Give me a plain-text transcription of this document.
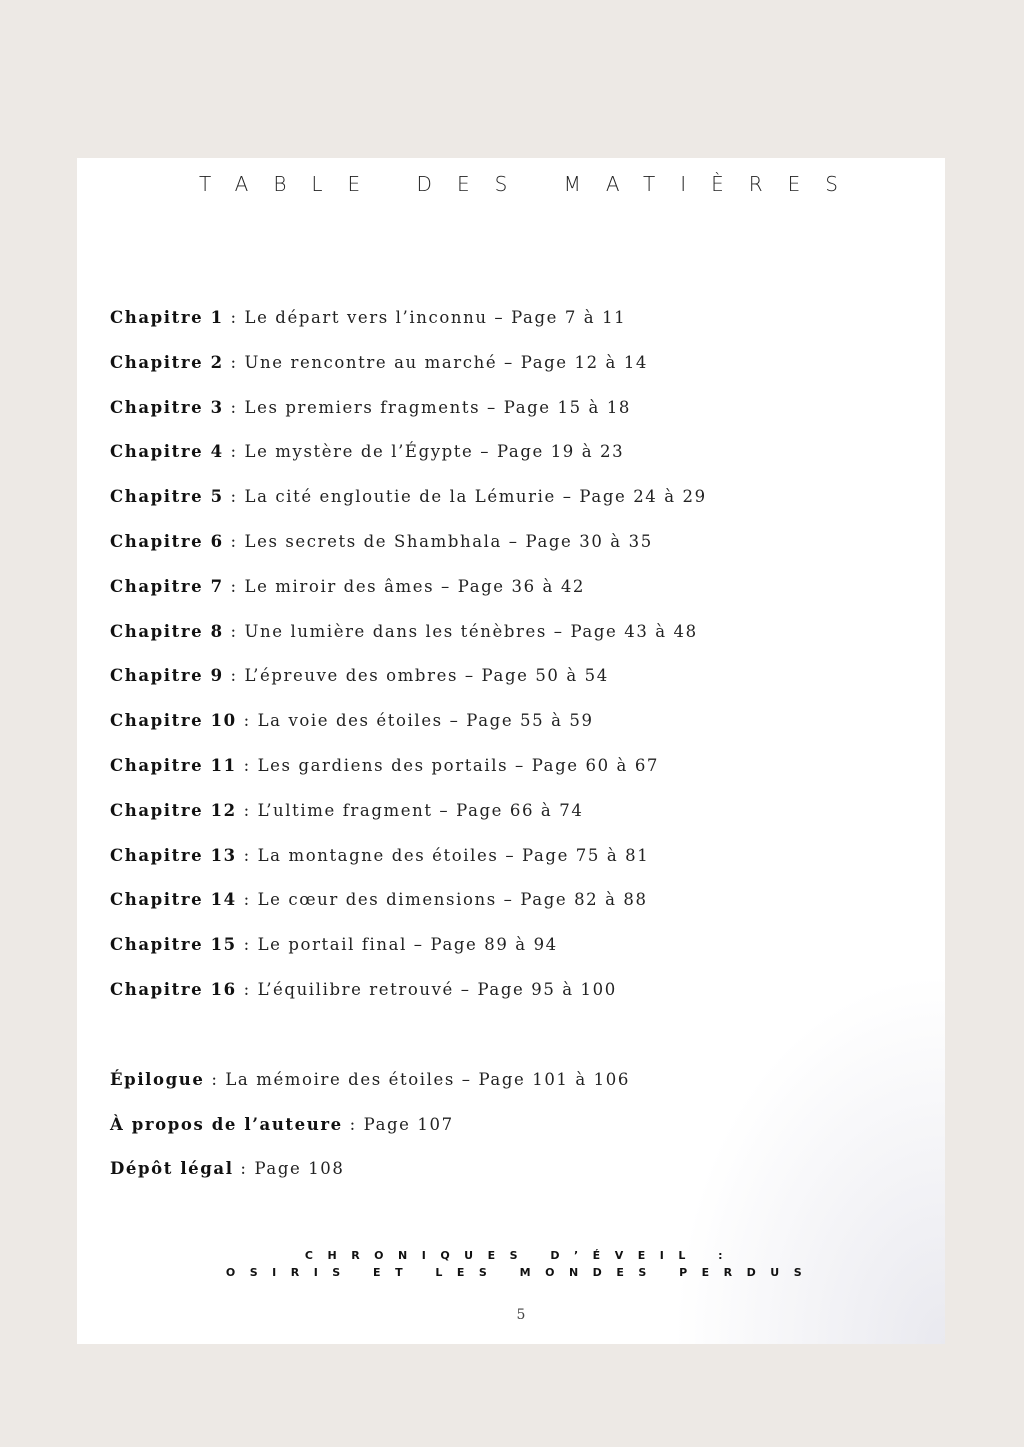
TABLE DES MATIÈRES
Chapitre 1 : Le départ vers l’inconnu – Page 7 à 11
Chapitre 2 : Une rencontre au marché – Page 12 à 14
Chapitre 3 : Les premiers fragments – Page 15 à 18
Chapitre 4 : Le mystère de l’Égypte – Page 19 à 23
Chapitre 5 : La cité engloutie de la Lémurie – Page 24 à 29
Chapitre 6 : Les secrets de Shambhala – Page 30 à 35
Chapitre 7 : Le miroir des âmes – Page 36 à 42
Chapitre 8 : Une lumière dans les ténèbres – Page 43 à 48
Chapitre 9 : L’épreuve des ombres – Page 50 à 54
Chapitre 10 : La voie des étoiles – Page 55 à 59
Chapitre 11 : Les gardiens des portails – Page 60 à 67
Chapitre 12 : L’ultime fragment – Page 66 à 74
Chapitre 13 : La montagne des étoiles – Page 75 à 81
Chapitre 14 : Le cœur des dimensions – Page 82 à 88
Chapitre 15 : Le portail final – Page 89 à 94
Chapitre 16 : L’équilibre retrouvé – Page 95 à 100
Épilogue : La mémoire des étoiles – Page 101 à 106
À propos de l’auteure : Page 107
Dépôt légal : Page 108
CHRONIQUES D’ÉVEIL :
OSIRIS ET LES MONDES PERDUS
5
